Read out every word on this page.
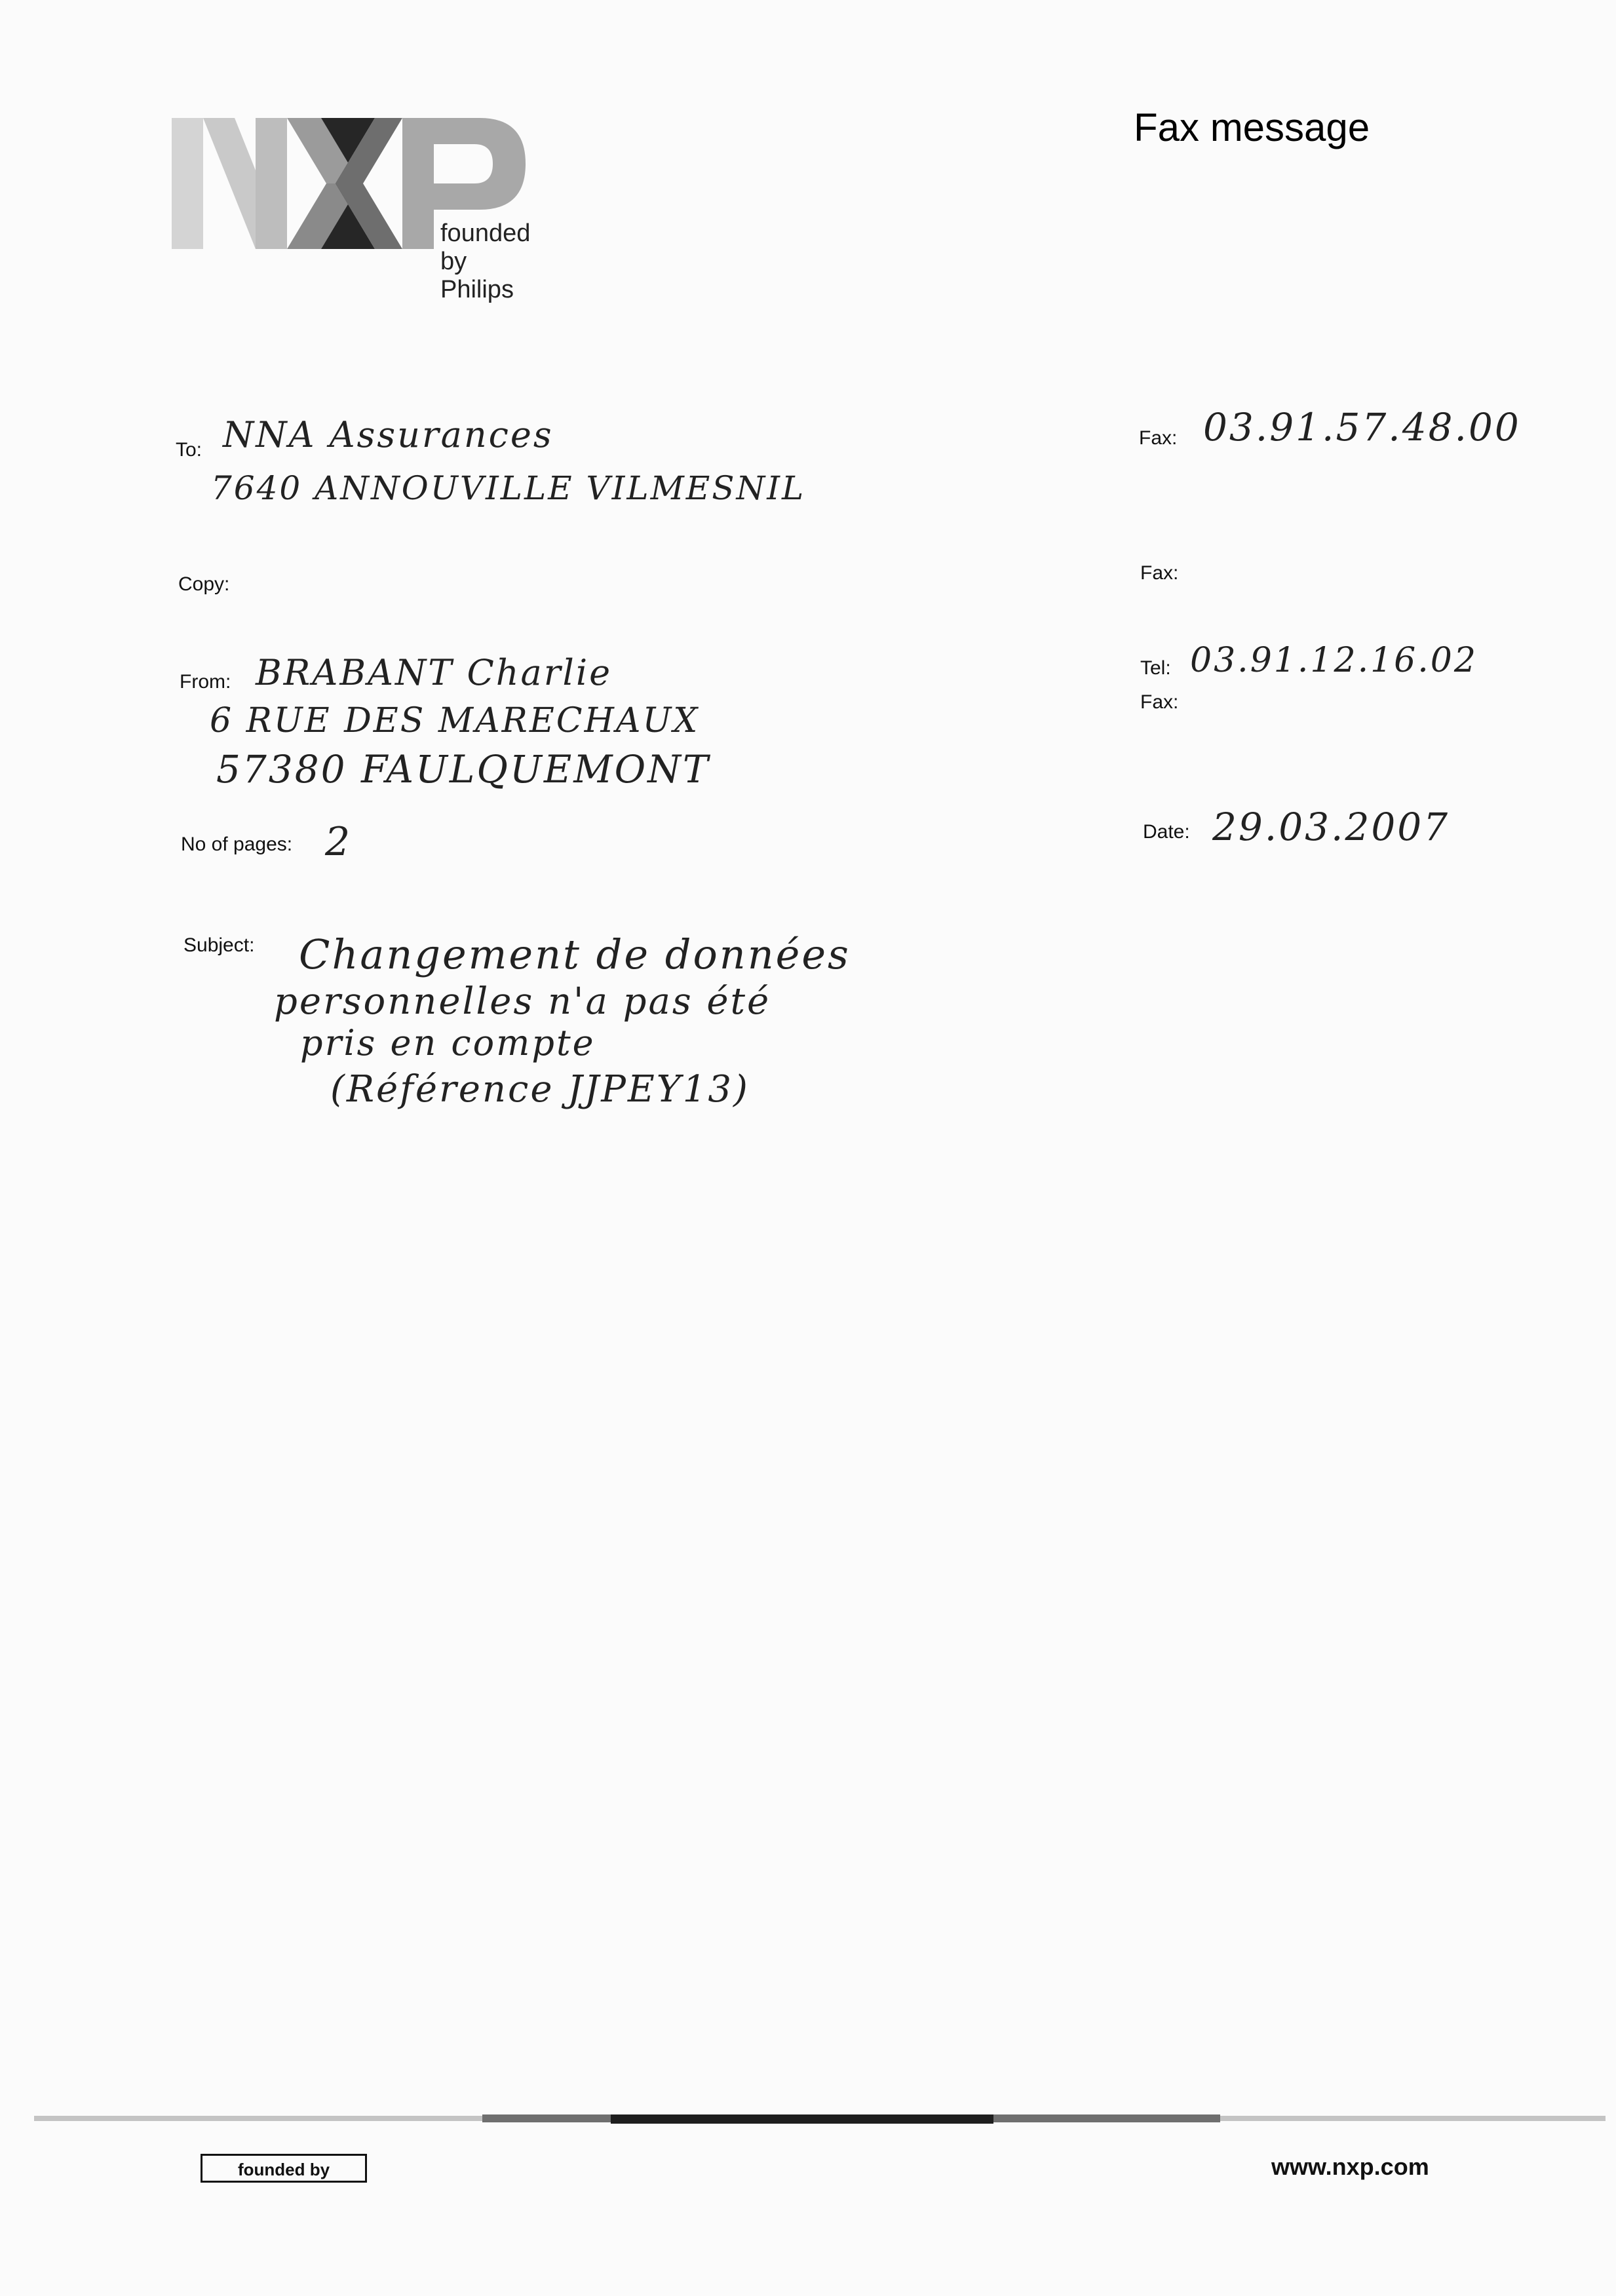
founded by Philips
Fax message
To: NNA Assurances
7640 ANNOUVILLE VILMESNIL
Fax: 03.91.57.48.00
Copy:
Fax:
From: BRABANT Charlie
6 RUE DES MARECHAUX
57380 FAULQUEMONT
Tel: 03.91.12.16.02
Fax:
No of pages: 2	Date: 29.03.2007
Subject: Changement de données
personnelles n'a pas été
pris en compte
(Référence JJPEY13)
founded by	www.nxp.com
